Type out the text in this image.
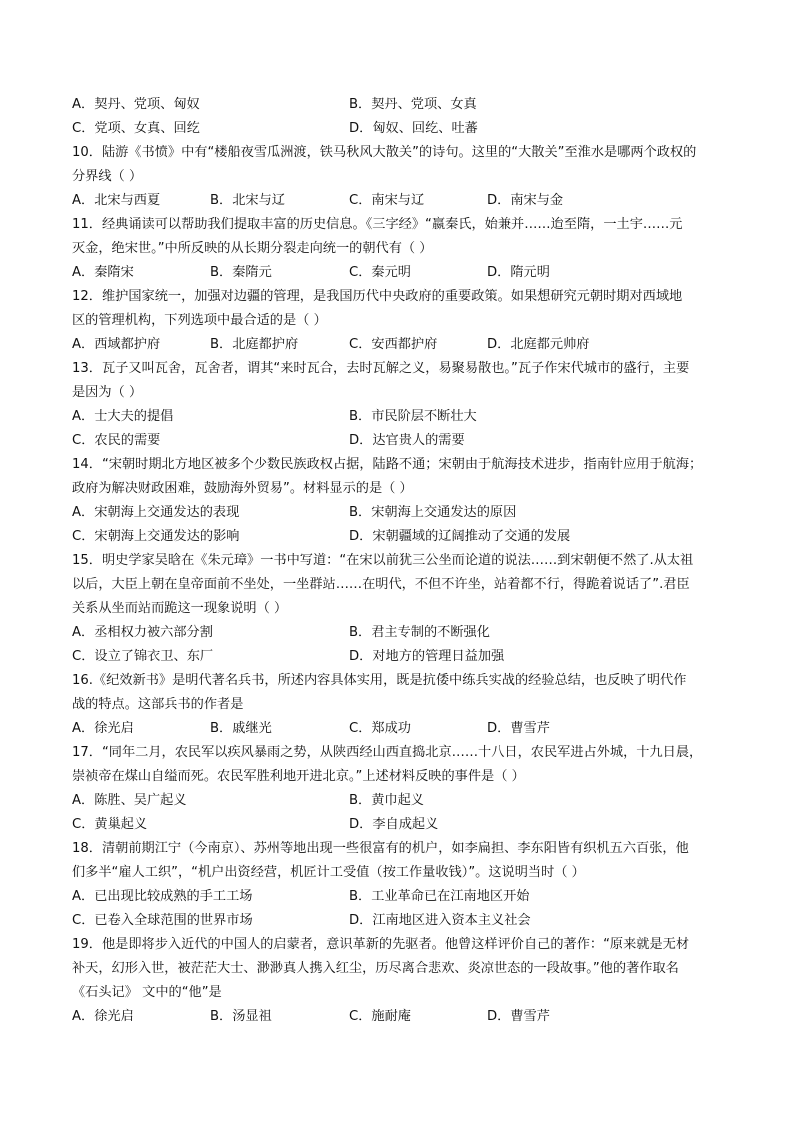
A．契丹、党项、匈奴	B．契丹、党项、女真
C．党项、女真、回纥	D．匈奴、回纥、吐蕃
10．陆游《书愤》中有“楼船夜雪瓜洲渡，铁马秋风大散关”的诗句。这里的“大散关”至淮水是哪两个政权的
分界线（ ）
A．北宋与西夏	B．北宋与辽	C．南宋与辽	D．南宋与金
11．经典诵读可以帮助我们提取丰富的历史信息。《三字经》“嬴秦氏，始兼并……迨至隋，一土宇……元
灭金，绝宋世。”中所反映的从长期分裂走向统一的朝代有（ ）
A．秦隋宋	B．秦隋元	C．秦元明	D．隋元明
12．维护国家统一，加强对边疆的管理，是我国历代中央政府的重要政策。如果想研究元朝时期对西域地
区的管理机构，下列选项中最合适的是（ ）
A．西域都护府	B．北庭都护府	C．安西都护府	D．北庭都元帅府
13．瓦子又叫瓦舍，瓦舍者，谓其“来时瓦合，去时瓦解之义，易聚易散也。”瓦子作宋代城市的盛行，主要
是因为（ ）
A．士大夫的提倡	B．市民阶层不断壮大
C．农民的需要	D．达官贵人的需要
14．“宋朝时期北方地区被多个少数民族政权占据，陆路不通；宋朝由于航海技术进步，指南针应用于航海；
政府为解决财政困难，鼓励海外贸易”。材料显示的是（ ）
A．宋朝海上交通发达的表现	B．宋朝海上交通发达的原因
C．宋朝海上交通发达的影响	D．宋朝疆域的辽阔推动了交通的发展
15．明史学家吴晗在《朱元璋》一书中写道：“在宋以前犹三公坐而论道的说法……到宋朝便不然了.从太祖
以后，大臣上朝在皇帝面前不坐处，一坐群站……在明代，不但不许坐，站着都不行，得跪着说话了”.君臣
关系从坐而站而跪这一现象说明（ ）
A．丞相权力被六部分割	B．君主专制的不断强化
C．设立了锦衣卫、东厂	D．对地方的管理日益加强
16.《纪效新书》是明代著名兵书，所述内容具体实用，既是抗倭中练兵实战的经验总结，也反映了明代作
战的特点。这部兵书的作者是
A．徐光启	B．戚继光	C．郑成功	D．曹雪芹
17．“同年二月，农民军以疾风暴雨之势，从陕西经山西直捣北京……十八日，农民军进占外城，十九日晨，
崇祯帝在煤山自缢而死。农民军胜利地开进北京。”上述材料反映的事件是（ ）
A．陈胜、吴广起义	B．黄巾起义
C．黄巢起义	D．李自成起义
18．清朝前期江宁（今南京）、苏州等地出现一些很富有的机户，如李扁担、李东阳皆有织机五六百张，他
们多半“雇人工织”，“机户出资经营，机匠计工受值（按工作量收钱）”。这说明当时（ ）
A．已出现比较成熟的手工工场	B．工业革命已在江南地区开始
C．已卷入全球范围的世界市场	D．江南地区进入资本主义社会
19．他是即将步入近代的中国人的启蒙者，意识革新的先驱者。他曾这样评价自己的著作：“原来就是无材
补天，幻形入世，被茫茫大士、渺渺真人携入红尘，历尽离合悲欢、炎凉世态的一段故事。”他的著作取名
《石头记》 文中的“他”是
A．徐光启	B．汤显祖	C．施耐庵	D．曹雪芹
